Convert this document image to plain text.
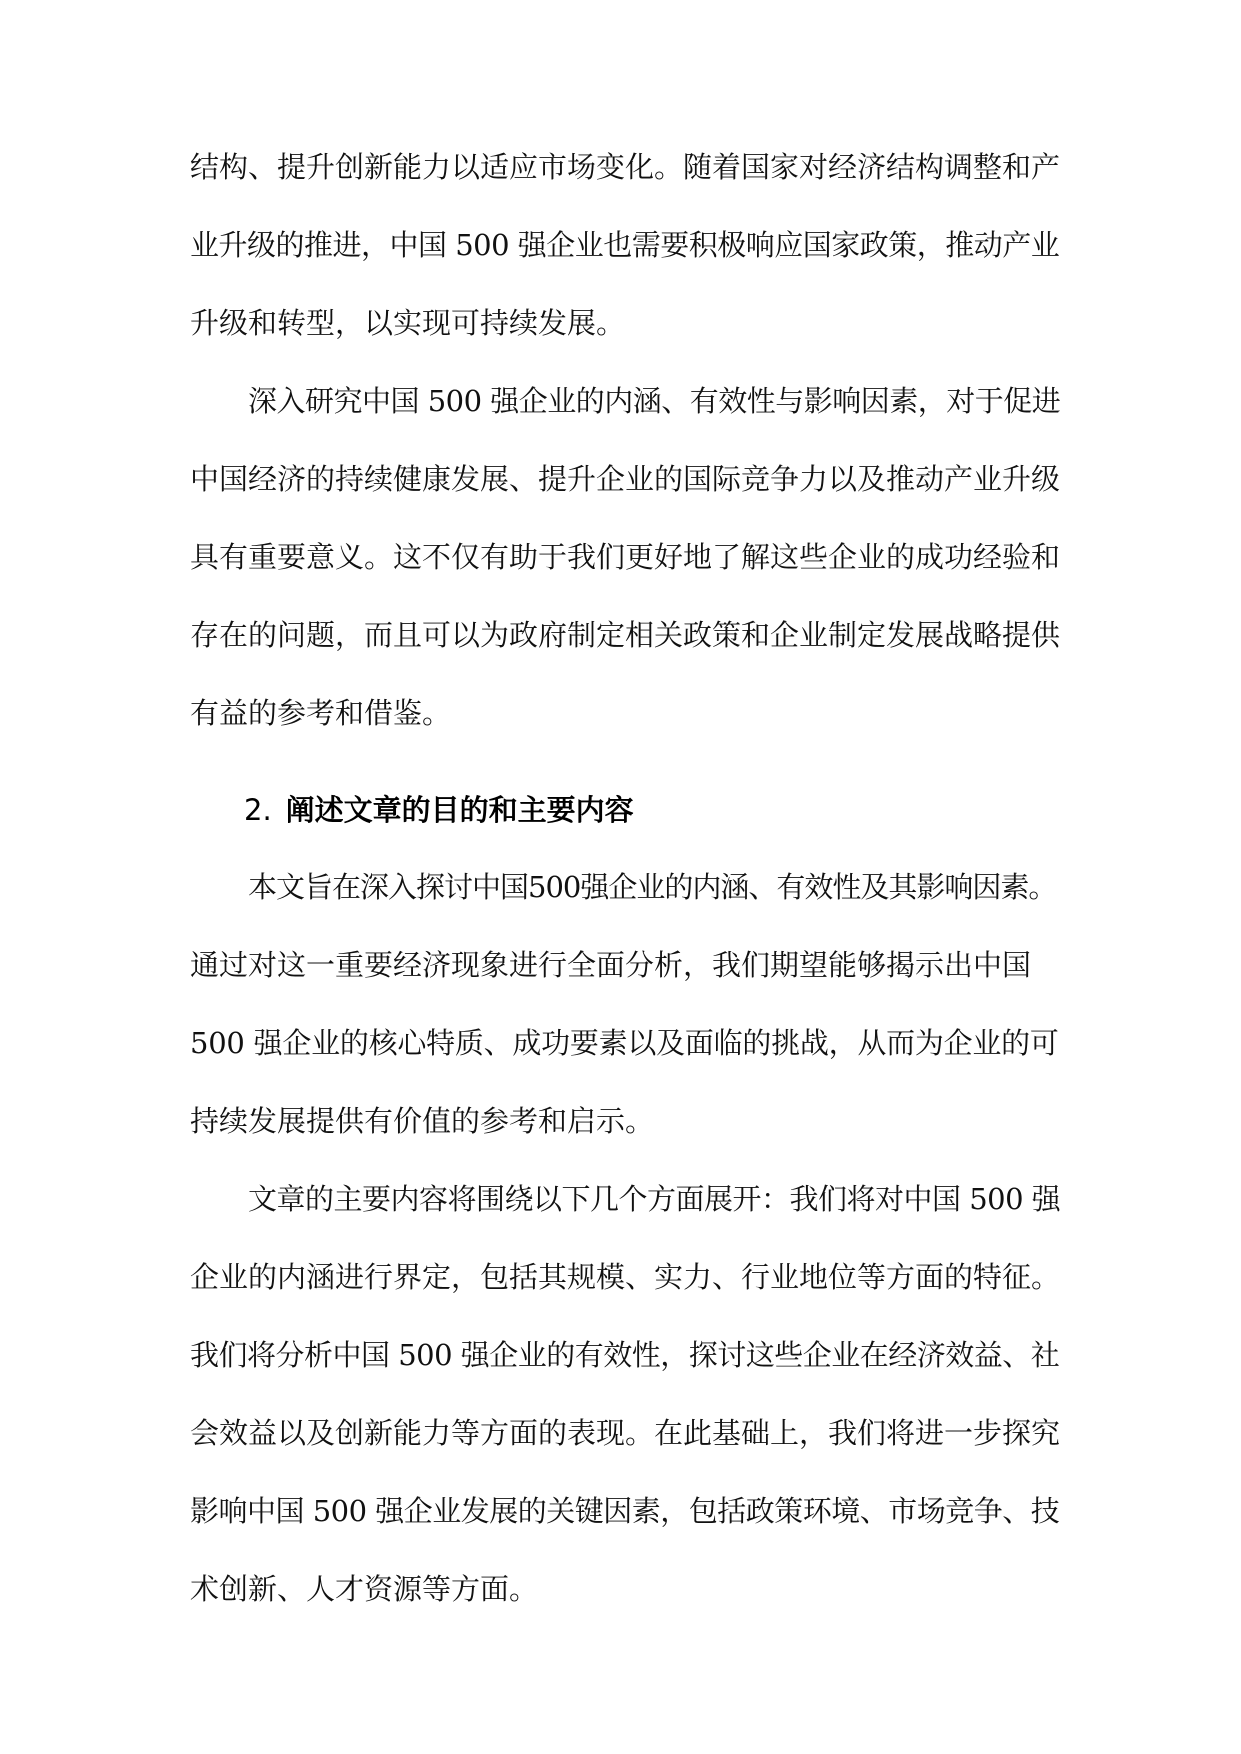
结构、提升创新能力以适应市场变化。随着国家对经济结构调整和产
业升级的推进，中国 500 强企业也需要积极响应国家政策，推动产业
升级和转型，以实现可持续发展。
深入研究中国 500 强企业的内涵、有效性与影响因素，对于促进
中国经济的持续健康发展、提升企业的国际竞争力以及推动产业升级
具有重要意义。这不仅有助于我们更好地了解这些企业的成功经验和
存在的问题，而且可以为政府制定相关政策和企业制定发展战略提供
有益的参考和借鉴。
2. 阐述文章的目的和主要内容
本文旨在深入探讨中国500强企业的内涵、有效性及其影响因素。
通过对这一重要经济现象进行全面分析，我们期望能够揭示出中国
500 强企业的核心特质、成功要素以及面临的挑战，从而为企业的可
持续发展提供有价值的参考和启示。
文章的主要内容将围绕以下几个方面展开：我们将对中国 500 强
企业的内涵进行界定，包括其规模、实力、行业地位等方面的特征。
我们将分析中国 500 强企业的有效性，探讨这些企业在经济效益、社
会效益以及创新能力等方面的表现。在此基础上，我们将进一步探究
影响中国 500 强企业发展的关键因素，包括政策环境、市场竞争、技
术创新、人才资源等方面。
